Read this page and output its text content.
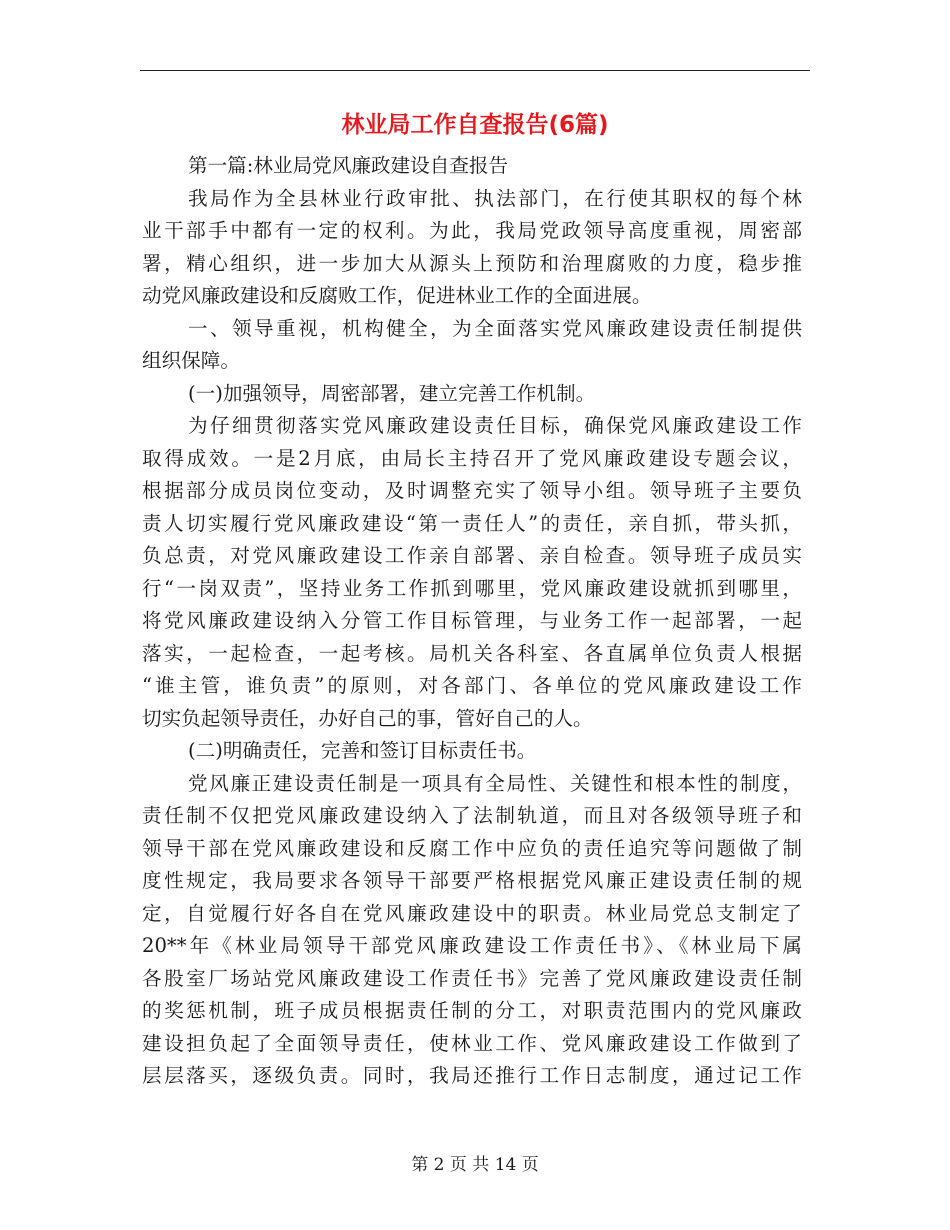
林业局工作自查报告(6篇)
第一篇:林业局党风廉政建设自查报告
我局作为全县林业行政审批、执法部门，在行使其职权的每个林
业干部手中都有一定的权利。为此，我局党政领导高度重视，周密部
署，精心组织，进一步加大从源头上预防和治理腐败的力度，稳步推
动党风廉政建设和反腐败工作，促进林业工作的全面进展。
一、领导重视，机构健全，为全面落实党风廉政建设责任制提供
组织保障。
(一)加强领导，周密部署，建立完善工作机制。
为仔细贯彻落实党风廉政建设责任目标，确保党风廉政建设工作
取得成效。一是2月底，由局长主持召开了党风廉政建设专题会议，
根据部分成员岗位变动，及时调整充实了领导小组。领导班子主要负
责人切实履行党风廉政建设“第一责任人”的责任，亲自抓，带头抓，
负总责，对党风廉政建设工作亲自部署、亲自检查。领导班子成员实
行“一岗双责”，坚持业务工作抓到哪里，党风廉政建设就抓到哪里，
将党风廉政建设纳入分管工作目标管理，与业务工作一起部署，一起
落实，一起检查，一起考核。局机关各科室、各直属单位负责人根据
“谁主管，谁负责”的原则，对各部门、各单位的党风廉政建设工作
切实负起领导责任，办好自己的事，管好自己的人。
(二)明确责任，完善和签订目标责任书。
党风廉正建设责任制是一项具有全局性、关键性和根本性的制度，
责任制不仅把党风廉政建设纳入了法制轨道，而且对各级领导班子和
领导干部在党风廉政建设和反腐工作中应负的责任追究等问题做了制
度性规定，我局要求各领导干部要严格根据党风廉正建设责任制的规
定，自觉履行好各自在党风廉政建设中的职责。林业局党总支制定了
20**年《林业局领导干部党风廉政建设工作责任书》、《林业局下属
各股室厂场站党风廉政建设工作责任书》完善了党风廉政建设责任制
的奖惩机制，班子成员根据责任制的分工，对职责范围内的党风廉政
建设担负起了全面领导责任，使林业工作、党风廉政建设工作做到了
层层落买，逐级负责。同时，我局还推行工作日志制度，通过记工作
第 2 页 共 14 页
